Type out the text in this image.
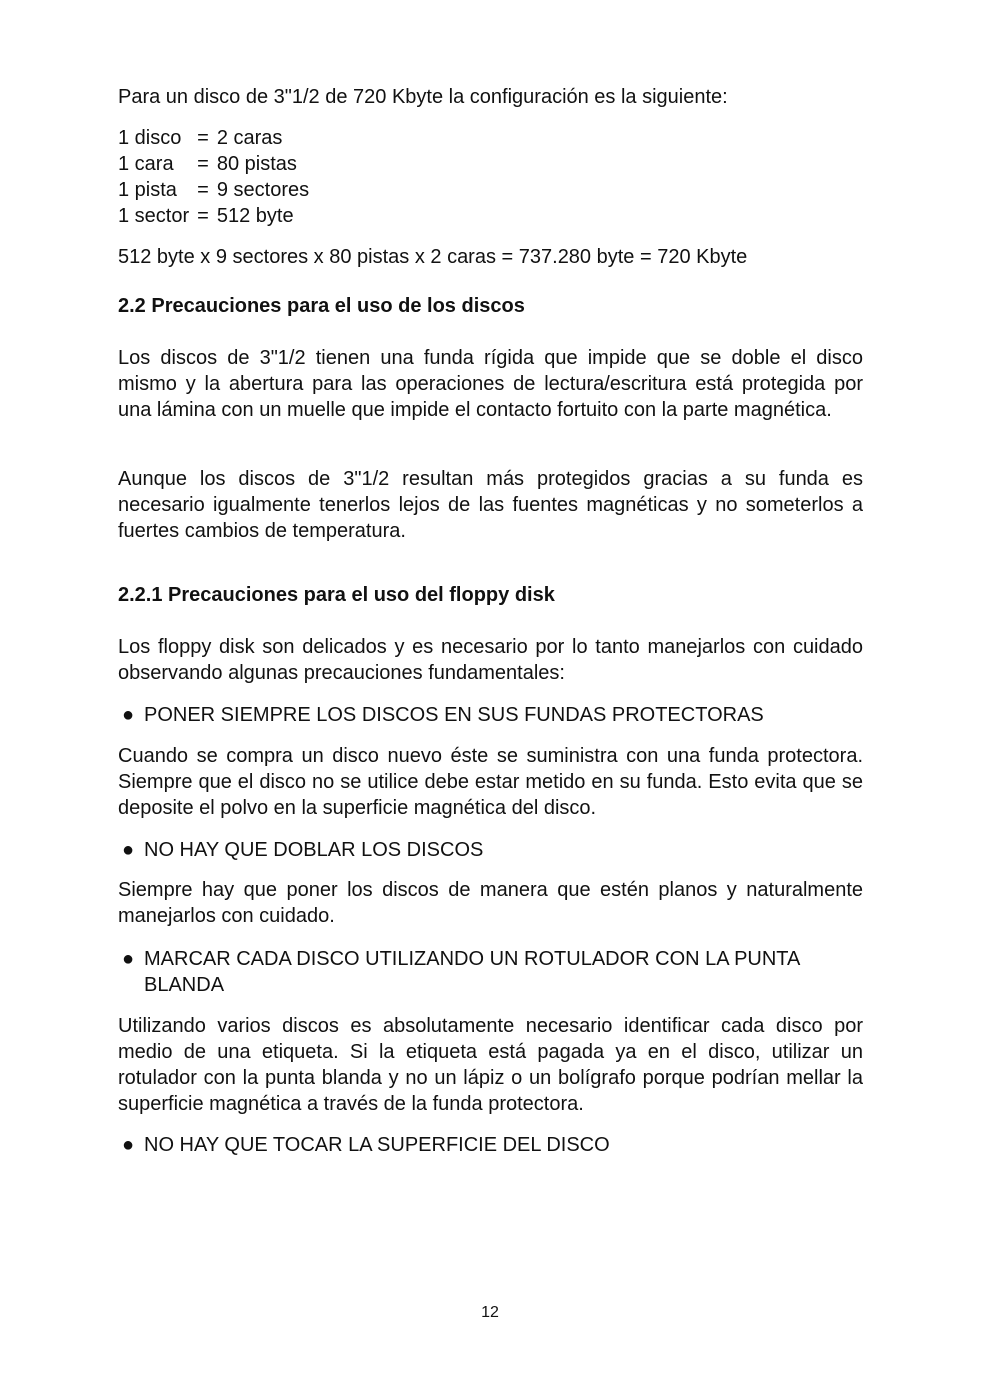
Para un disco de 3"1/2 de 720 Kbyte la configuración es la siguiente:

1 disco	=	2 caras
1 cara	=	80 pistas
1 pista	=	9 sectores
1 sector	=	512 byte

512 byte x 9 sectores x 80 pistas x 2 caras = 737.280 byte = 720 Kbyte

2.2 Precauciones para el uso de los discos

Los discos de 3"1/2 tienen una funda rígida que impide que se doble el disco mismo y la abertura para las operaciones de lectura/escritura está protegida por una lámina con un muelle que impide el contacto fortuito con la parte magnética.

Aunque los discos de 3"1/2 resultan más protegidos gracias a su funda es necesario igualmente tenerlos lejos de las fuentes magnéticas y no someterlos a fuertes cambios de temperatura.

2.2.1 Precauciones para el uso del floppy disk

Los floppy disk son delicados y es necesario por lo tanto manejarlos con cuidado observando algunas precauciones fundamentales:

● PONER SIEMPRE LOS DISCOS EN SUS FUNDAS PROTECTORAS

Cuando se compra un disco nuevo éste se suministra con una funda protectora. Siempre que el disco no se utilice debe estar metido en su funda. Esto evita que se deposite el polvo en la superficie magnética del disco.

● NO HAY QUE DOBLAR LOS DISCOS

Siempre hay que poner los discos de manera que estén planos y naturalmente manejarlos con cuidado.

● MARCAR CADA DISCO UTILIZANDO UN ROTULADOR CON LA PUNTA BLANDA

Utilizando varios discos es absolutamente necesario identificar cada disco por medio de una etiqueta. Si la etiqueta está pagada ya en el disco, utilizar un rotulador con la punta blanda y no un lápiz o un bolígrafo porque podrían mellar la superficie magnética a través de la funda protectora.

● NO HAY QUE TOCAR LA SUPERFICIE DEL DISCO

12
